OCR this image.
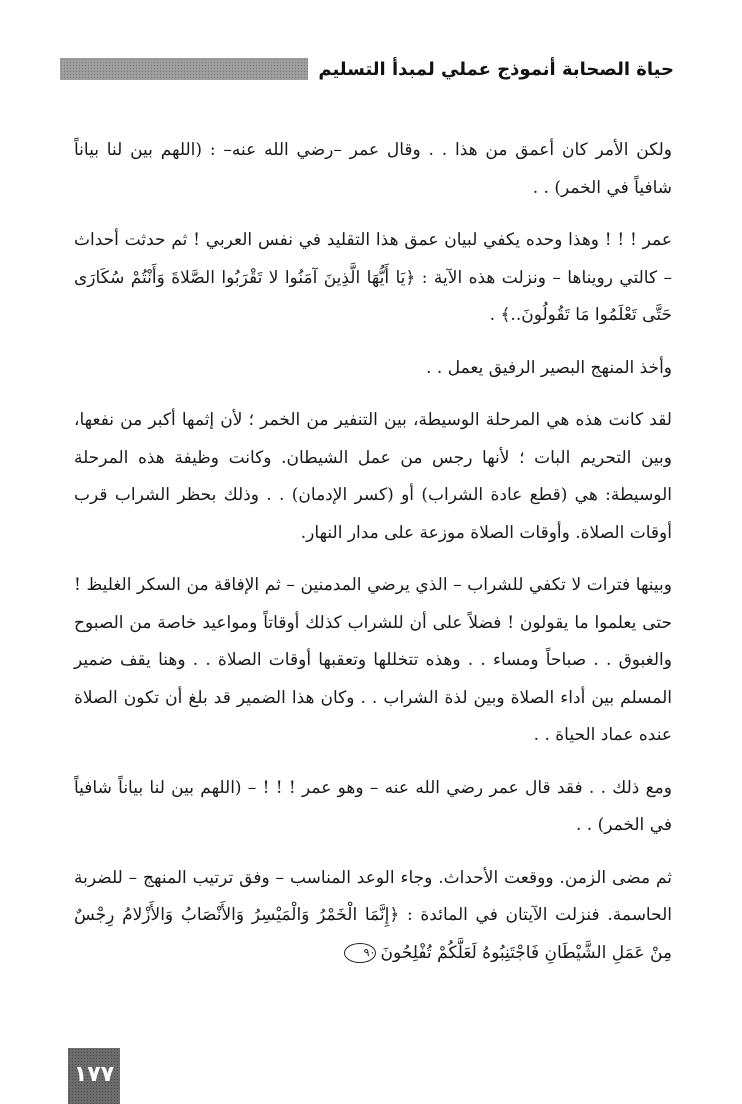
حياة الصحابة أنموذج عملي لمبدأ التسليم

ولكن الأمر كان أعمق من هذا . . وقال عمر –رضي الله عنه– : (اللهم بين لنا بياناً شافياً في الخمر) . .

عمر ! ! ! وهذا وحده يكفي لبيان عمق هذا التقليد في نفس العربي ! ثم حدثت أحداث – كالتي رويناها – ونزلت هذه الآية : ﴿يَا أَيُّهَا الَّذِينَ آمَنُوا لا تَقْرَبُوا الصَّلاةَ وَأَنْتُمْ سُكَارَى حَتَّى تَعْلَمُوا مَا تَقُولُونَ..﴾ .

وأخذ المنهج البصير الرفيق يعمل . .

لقد كانت هذه هي المرحلة الوسيطة، بين التنفير من الخمر ؛ لأن إثمها أكبر من نفعها، وبين التحريم البات ؛ لأنها رجس من عمل الشيطان. وكانت وظيفة هذه المرحلة الوسيطة: هي (قطع عادة الشراب) أو (كسر الإدمان) . . وذلك بحظر الشراب قرب أوقات الصلاة. وأوقات الصلاة موزعة على مدار النهار.

وبينها فترات لا تكفي للشراب – الذي يرضي المدمنين – ثم الإفاقة من السكر الغليظ ! حتى يعلموا ما يقولون ! فضلاً على أن للشراب كذلك أوقاتاً ومواعيد خاصة من الصبوح والغبوق . . صباحاً ومساء . . وهذه تتخللها وتعقبها أوقات الصلاة . . وهنا يقف ضمير المسلم بين أداء الصلاة وبين لذة الشراب . . وكان هذا الضمير قد بلغ أن تكون الصلاة عنده عماد الحياة . .

ومع ذلك . . فقد قال عمر رضي الله عنه – وهو عمر ! ! ! – (اللهم بين لنا بياناً شافياً في الخمر) . .

ثم مضى الزمن. ووقعت الأحداث. وجاء الوعد المناسب – وفق ترتيب المنهج – للضربة الحاسمة. فنزلت الآيتان في المائدة : ﴿إِنَّمَا الْخَمْرُ وَالْمَيْسِرُ وَالأَنْصَابُ وَالأَزْلامُ رِجْسٌ مِنْ عَمَلِ الشَّيْطَانِ فَاجْتَنِبُوهُ لَعَلَّكُمْ تُفْلِحُونَ٩٠

١٧٧
